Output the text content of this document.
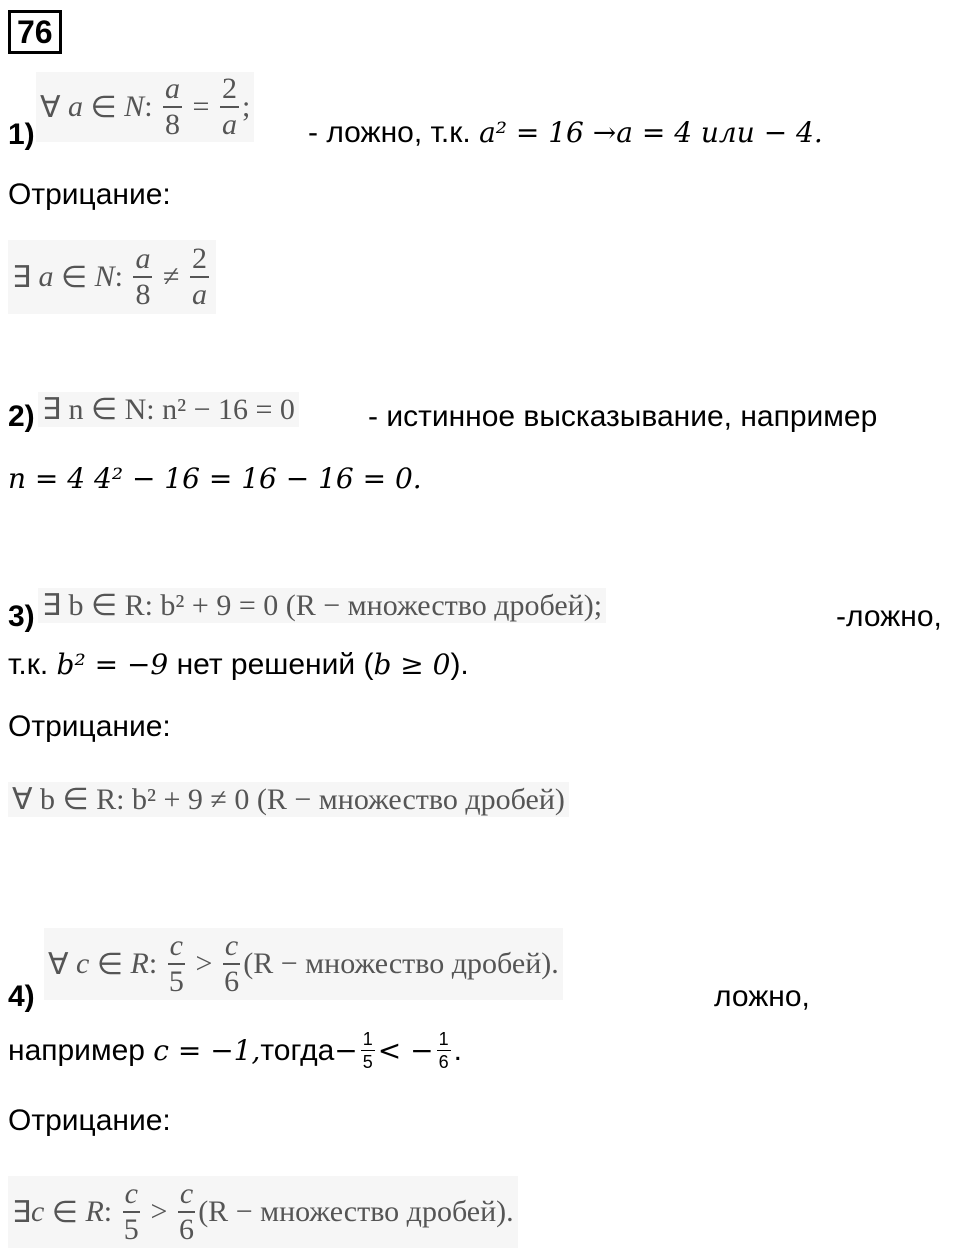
76
1)
∀
a ∈ N : $\frac{a}{8}$
=
$\frac{2}{a}$ ;
- ложно, т.к. a² = 16 →a = 4 или − 4.
Отрицание:
∃
a ∈ N : $\frac{a}{8}$
≠
$\frac{2}{a}$
2) ∃ n ∈ N: n² − 16 = 0 - истинное высказывание, например
n = 4 4² − 16 = 16 − 16 = 0.
3) ∃ b ∈ R: b² + 9 = 0 (R − множество дробей);	-ложно,
т.к. b² = −9 нет решений (b ≥ 0).
Отрицание:
∀ b ∈ R: b² + 9 ≠ 0 (R − множество дробей)
4)
∀
c ∈ R : $\frac{c}{5}$
>
$\frac{c}{6} (R$ − множество дробей).
ложно,
например
c = −1, тогда − $\frac{1}{5}$ < − $\frac{1}{6}$ .
Отрицание:
∃ c ∈ R : $\frac{c}{5}$
>
$\frac{c}{6} (R$ − множество дробей).
